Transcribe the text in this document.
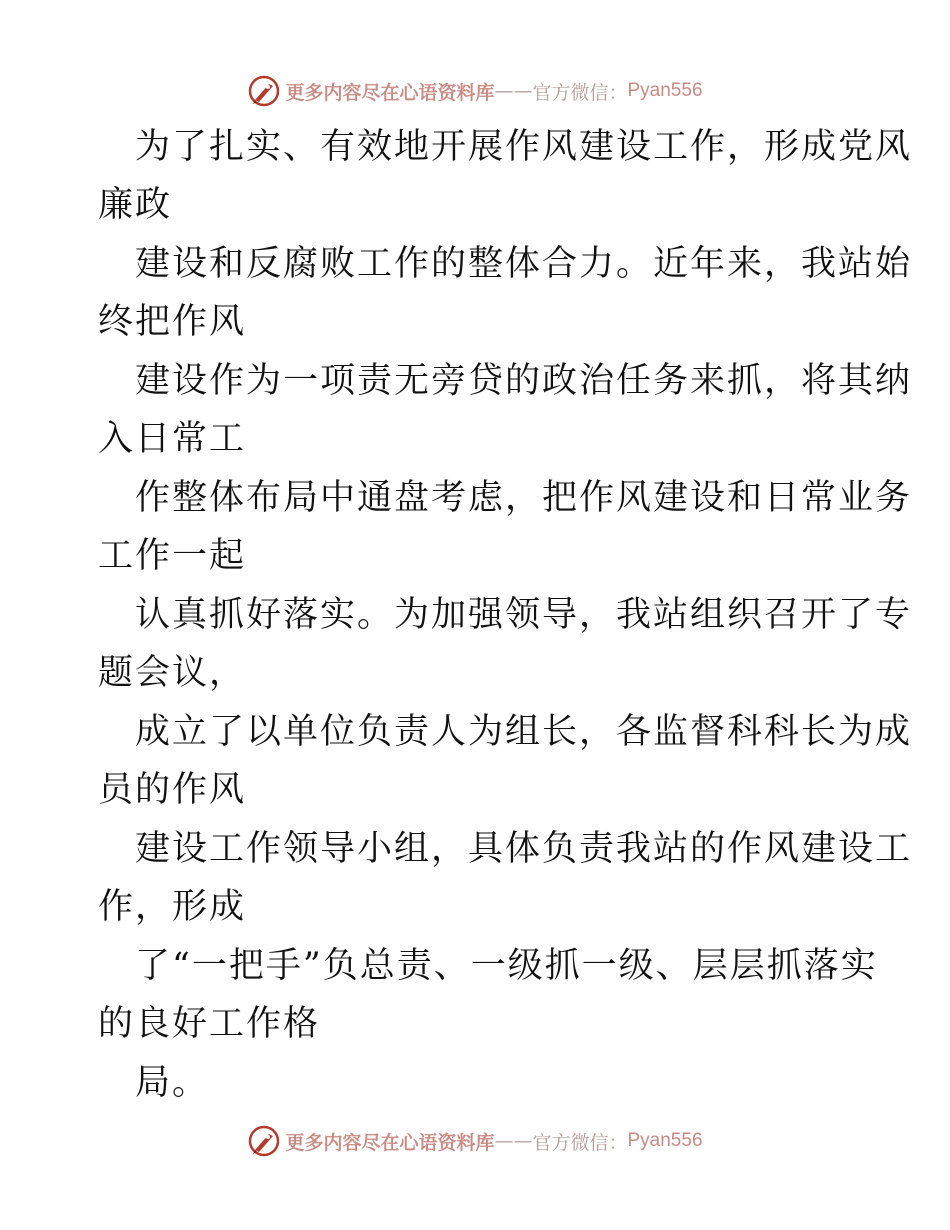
更多内容尽在心语资料库 —— 官方微信： Pyan556
为了扎实、有效地开展作风建设工作，形成党风
廉政
建设和反腐败工作的整体合力。近年来，我站始
终把作风
建设作为一项责无旁贷的政治任务来抓，将其纳
入日常工
作整体布局中通盘考虑，把作风建设和日常业务
工作一起
认真抓好落实。为加强领导，我站组织召开了专
题会议，
成立了以单位负责人为组长，各监督科科长为成
员的作风
建设工作领导小组，具体负责我站的作风建设工
作，形成
了“一把手”负总责、一级抓一级、层层抓落实
的良好工作格
局。
更多内容尽在心语资料库 —— 官方微信： Pyan556
